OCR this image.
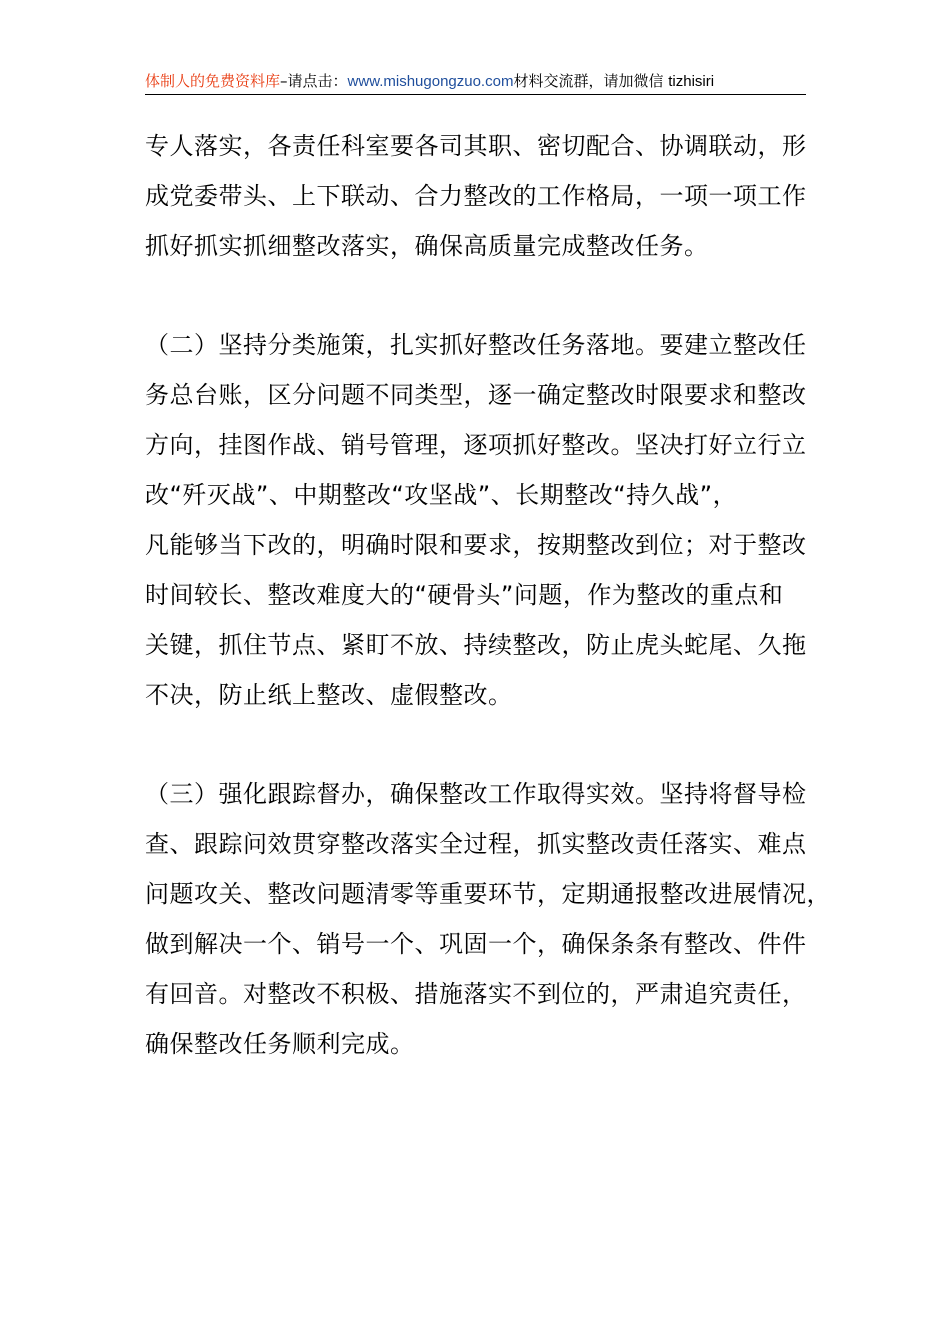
体制人的免费资料库–请点击：www.mishugongzuo.com材料交流群，请加微信 tizhisiri
专人落实，各责任科室要各司其职、密切配合、协调联动，形
成党委带头、上下联动、合力整改的工作格局，一项一项工作
抓好抓实抓细整改落实，确保高质量完成整改任务。
（二）坚持分类施策，扎实抓好整改任务落地。要建立整改任
务总台账，区分问题不同类型，逐一确定整改时限要求和整改
方向，挂图作战、销号管理，逐项抓好整改。坚决打好立行立
改“歼灭战”、中期整改“攻坚战”、长期整改“持久战”，
凡能够当下改的，明确时限和要求，按期整改到位；对于整改
时间较长、整改难度大的“硬骨头”问题，作为整改的重点和
关键，抓住节点、紧盯不放、持续整改，防止虎头蛇尾、久拖
不决，防止纸上整改、虚假整改。
（三）强化跟踪督办，确保整改工作取得实效。坚持将督导检
查、跟踪问效贯穿整改落实全过程，抓实整改责任落实、难点
问题攻关、整改问题清零等重要环节，定期通报整改进展情况，
做到解决一个、销号一个、巩固一个，确保条条有整改、件件
有回音。对整改不积极、措施落实不到位的，严肃追究责任，
确保整改任务顺利完成。
